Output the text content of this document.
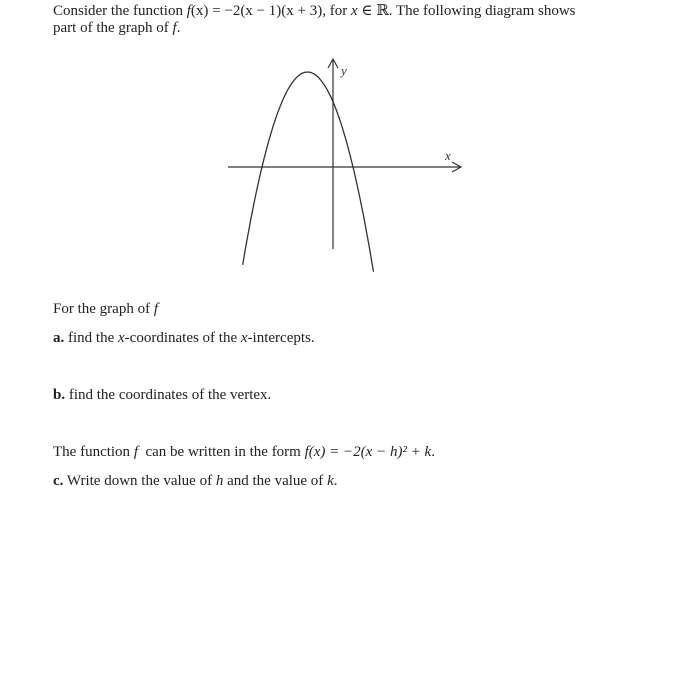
Consider the function f(x) = −2(x − 1)(x + 3), for x ∈ ℝ. The following diagram shows
part of the graph of f.
x
y
For the graph of f
a. find the x-coordinates of the x-intercepts.
b. find the coordinates of the vertex.
The function f  can be written in the form f(x) = −2(x − h)² + k.
c. Write down the value of h and the value of k.
